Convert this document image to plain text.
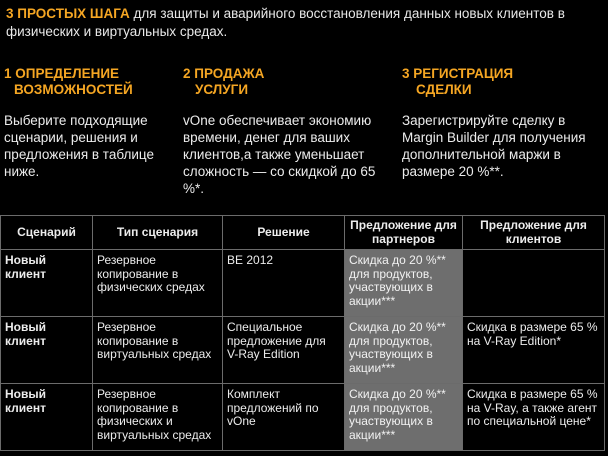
3 ПРОСТЫХ ШАГА для защиты и аварийного восстановления данных новых клиентов в физических и виртуальных средах.
1 ОПРЕДЕЛЕНИЕ
ВОЗМОЖНОСТЕЙ
Выберите подходящие сценарии, решения и предложения в таблице ниже.
2 ПРОДАЖА
УСЛУГИ
vOne обеспечивает экономию времени, денег для ваших клиентов,а также уменьшает сложность — со скидкой до 65 %*.
3 РЕГИСТРАЦИЯ
СДЕЛКИ
Зарегистрируйте сделку в Margin Builder для получения дополнительной маржи в размере 20 %**.
Сценарий	Тип сценария	Решение	Предложение для партнеров	Предложение для клиентов
Новый клиент	Резервное копирование в физических средах	BE 2012	Скидка до 20 %** для продуктов, участвующих в акции***	
Новый клиент	Резервное копирование в виртуальных средах	Специальное предложение для V-Ray Edition	Скидка до 20 %** для продуктов, участвующих в акции***	Скидка в размере 65 % на V-Ray Edition*
Новый клиент	Резервное копирование в физических и виртуальных средах	Комплект предложений по vOne	Скидка до 20 %** для продуктов, участвующих в акции***	Скидка в размере 65 % на V-Ray, а также агент по специальной цене*
